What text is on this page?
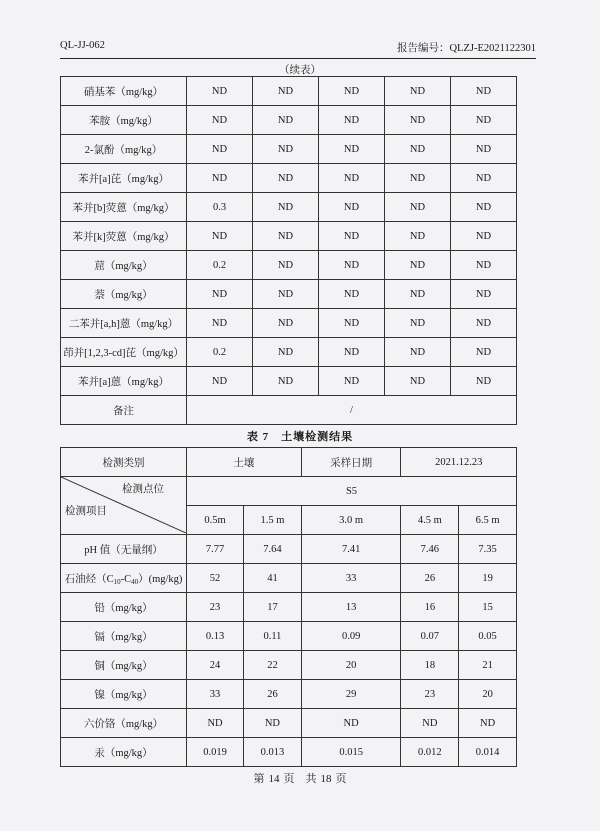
QL-JJ-062	报告编号：QLZJ-E2021122301
（续表）
硝基苯（mg/kg）	ND	ND	ND	ND	ND
苯胺（mg/kg）	ND	ND	ND	ND	ND
2-氯酚（mg/kg）	ND	ND	ND	ND	ND
苯并[a]芘（mg/kg）	ND	ND	ND	ND	ND
苯并[b]荧蒽（mg/kg）	0.3	ND	ND	ND	ND
苯并[k]荧蒽（mg/kg）	ND	ND	ND	ND	ND
䓛（mg/kg）	0.2	ND	ND	ND	ND
萘（mg/kg）	ND	ND	ND	ND	ND
二苯并[a,h]蒽（mg/kg）	ND	ND	ND	ND	ND
茚并[1,2,3-cd]芘（mg/kg）	0.2	ND	ND	ND	ND
苯并[a]蒽（mg/kg）	ND	ND	ND	ND	ND
备注	/				
表 7　土壤检测结果
检测类别	土壤		采样日期	2021.12.23	

检测点位
检测项目	S5				
	0.5m	1.5 m	3.0 m	4.5 m	6.5 m
pH 值（无量纲）	7.77	7.64	7.41	7.46	7.35
石油烃$(C_{10}-C_{40})(mg/kg)$	52	41	33	26	19
铅（mg/kg）	23	17	13	16	15
镉（mg/kg）	0.13	0.11	0.09	0.07	0.05
铜（mg/kg）	24	22	20	18	21
镍（mg/kg）	33	26	29	23	20
六价铬（mg/kg）	ND	ND	ND	ND	ND
汞（mg/kg）	0.019	0.013	0.015	0.012	0.014
第 14 页　共 18 页
